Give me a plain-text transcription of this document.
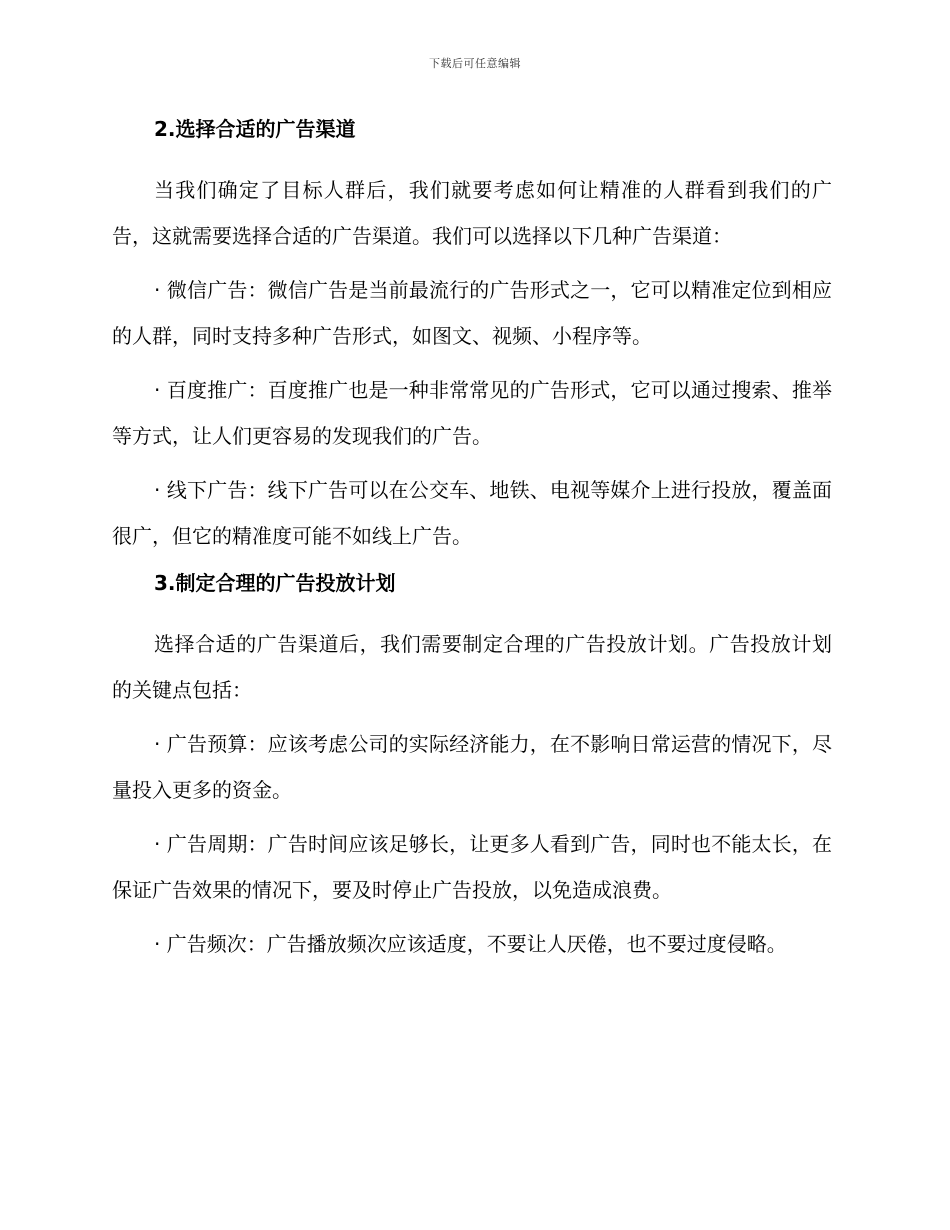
下载后可任意编辑
2.选择合适的广告渠道

当我们确定了目标人群后，我们就要考虑如何让精准的人群看到我们的广告，这就需要选择合适的广告渠道。我们可以选择以下几种广告渠道：

· 微信广告：微信广告是当前最流行的广告形式之一，它可以精准定位到相应的人群，同时支持多种广告形式，如图文、视频、小程序等。

· 百度推广：百度推广也是一种非常常见的广告形式，它可以通过搜索、推举等方式，让人们更容易的发现我们的广告。

· 线下广告：线下广告可以在公交车、地铁、电视等媒介上进行投放，覆盖面很广，但它的精准度可能不如线上广告。

3.制定合理的广告投放计划

选择合适的广告渠道后，我们需要制定合理的广告投放计划。广告投放计划的关键点包括：

· 广告预算：应该考虑公司的实际经济能力，在不影响日常运营的情况下，尽量投入更多的资金。

· 广告周期：广告时间应该足够长，让更多人看到广告，同时也不能太长，在保证广告效果的情况下，要及时停止广告投放，以免造成浪费。

· 广告频次：广告播放频次应该适度，不要让人厌倦，也不要过度侵略。
